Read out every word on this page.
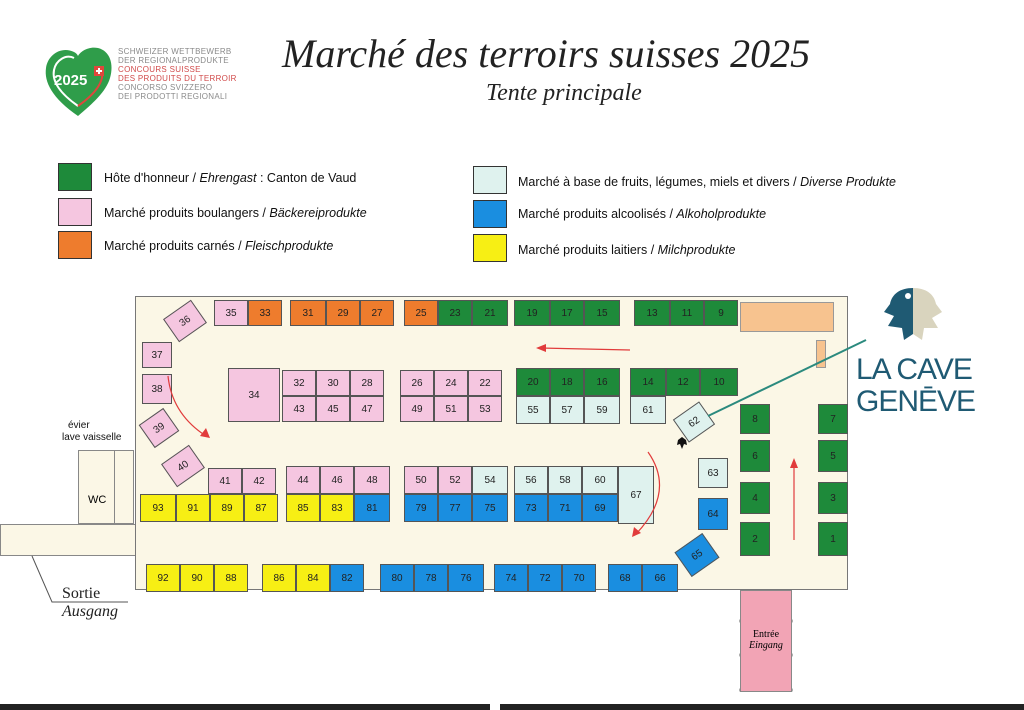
2025
SCHWEIZER WETTBEWERB
DER REGIONALPRODUKTE
CONCOURS SUISSE
DES PRODUITS DU TERROIR
CONCORSO SVIZZERO
DEI PRODOTTI REGIONALI
Marché des terroirs suisses 2025
Tente principale
Hôte d'honneur / Ehrengast : Canton de Vaud
Marché produits boulangers / Bäckereiprodukte
Marché produits carnés / Fleischprodukte
Marché à base de fruits, légumes, miels et divers / Diverse Produkte
Marché produits alcoolisés / Alkoholprodukte
Marché produits laitiers / Milchprodukte
WC
évier
lave vaisselle
36
35 33	31 29 27	25 23 21	19 17 15	13 11	9
37
38
39
40
34
32 30 28
43 45 47
26 24 22
49 51 53
20 18 16
55 57 59
14 12 10
61
62
63
64
65
8	7
6	5
4	3
2	1
41 42	44 46 48	50 52 54	56 58 60
67
93 91 89 87	85 83 81	79 77 75	73 71 69
92 90 88	86 84 82	80 78 76	74 72 70	68 66
Entrée
Eingang
Sortie
Ausgang
LA CAVE
GENĒVE
